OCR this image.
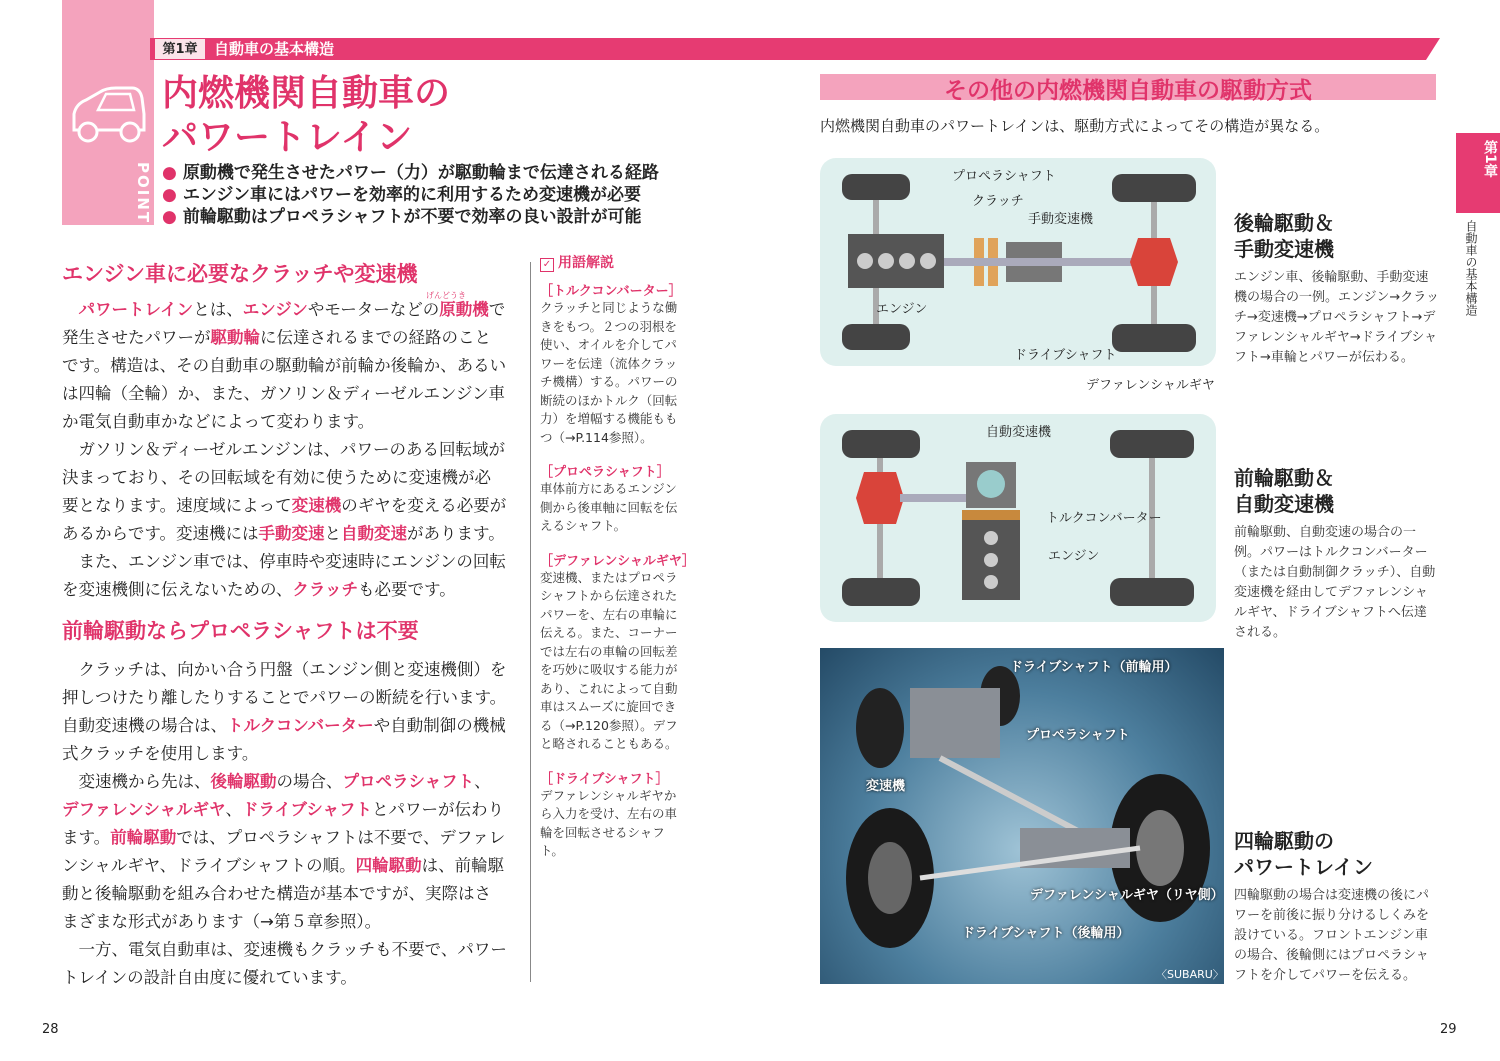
第1章	自動車の基本構造
POINT
内燃機関自動車の
パワートレイン
● 原動機で発生させたパワー（力）が駆動輪まで伝達される経路
● エンジン車にはパワーを効率的に利用するため変速機が必要
● 前輪駆動はプロペラシャフトが不要で効率の良い設計が可能
エンジン車に必要なクラッチや変速機
げんどうき

パワートレインとは、エンジンやモーターなどの原動機で発生させたパワーが駆動輪に伝達されるまでの経路のことです。構造は、その自動車の駆動輪が前輪か後輪か、あるいは四輪（全輪）か、また、ガソリン＆ディーゼルエンジン車か電気自動車かなどによって変わります。

ガソリン＆ディーゼルエンジンは、パワーのある回転域が決まっており、その回転域を有効に使うために変速機が必要となります。速度域によって変速機のギヤを変える必要があるからです。変速機には手動変速と自動変速があります。

また、エンジン車では、停車時や変速時にエンジンの回転を変速機側に伝えないための、クラッチも必要です。

前輪駆動ならプロペラシャフトは不要

クラッチは、向かい合う円盤（エンジン側と変速機側）を押しつけたり離したりすることでパワーの断続を行います。自動変速機の場合は、トルクコンバーターや自動制御の機械式クラッチを使用します。

変速機から先は、後輪駆動の場合、プロペラシャフト、デファレンシャルギヤ、ドライブシャフトとパワーが伝わります。前輪駆動では、プロペラシャフトは不要で、デファレンシャルギヤ、ドライブシャフトの順。四輪駆動は、前輪駆動と後輪駆動を組み合わせた構造が基本ですが、実際はさまざまな形式があります（→第５章参照）。

一方、電気自動車は、変速機もクラッチも不要で、パワートレインの設計自由度に優れています。

✓ 用語解説
［トルクコンバーター］
クラッチと同じような働きをもつ。２つの羽根を使い、オイルを介してパワーを伝達（流体クラッチ機構）する。パワーの断続のほかトルク（回転力）を増幅する機能ももつ（→P.114参照）。
［プロペラシャフト］
車体前方にあるエンジン側から後車軸に回転を伝えるシャフト。
［デファレンシャルギヤ］
変速機、またはプロペラシャフトから伝達されたパワーを、左右の車輪に伝える。また、コーナーでは左右の車輪の回転差を巧妙に吸収する能力があり、これによって自動車はスムーズに旋回できる（→P.120参照）。デフと略されることもある。
［ドライブシャフト］
デファレンシャルギヤから入力を受け、左右の車輪を回転させるシャフト。
28
その他の内燃機関自動車の駆動方式
内燃機関自動車のパワートレインは、駆動方式によってその構造が異なる。
第1章
自動車の基本構造
プロペラシャフト
クラッチ
手動変速機
エンジン
ドライブシャフト
デファレンシャルギヤ
後輪駆動＆
手動変速機
エンジン車、後輪駆動、手動変速機の場合の一例。エンジン→クラッチ→変速機→プロペラシャフト→デファレンシャルギヤ→ドライブシャフト→車輪とパワーが伝わる。
自動変速機
トルクコンバーター
エンジン
前輪駆動＆
自動変速機
前輪駆動、自動変速の場合の一例。パワーはトルクコンバーター（または自動制御クラッチ）、自動変速機を経由してデファレンシャルギヤ、ドライブシャフトへ伝達される。
ドライブシャフト（前輪用）
プロペラシャフト
変速機
デファレンシャルギヤ（リヤ側）
ドライブシャフト（後輪用）
〈SUBARU〉
四輪駆動の
パワートレイン
四輪駆動の場合は変速機の後にパワーを前後に振り分けるしくみを設けている。フロントエンジン車の場合、後輪側にはプロペラシャフトを介してパワーを伝える。
29
